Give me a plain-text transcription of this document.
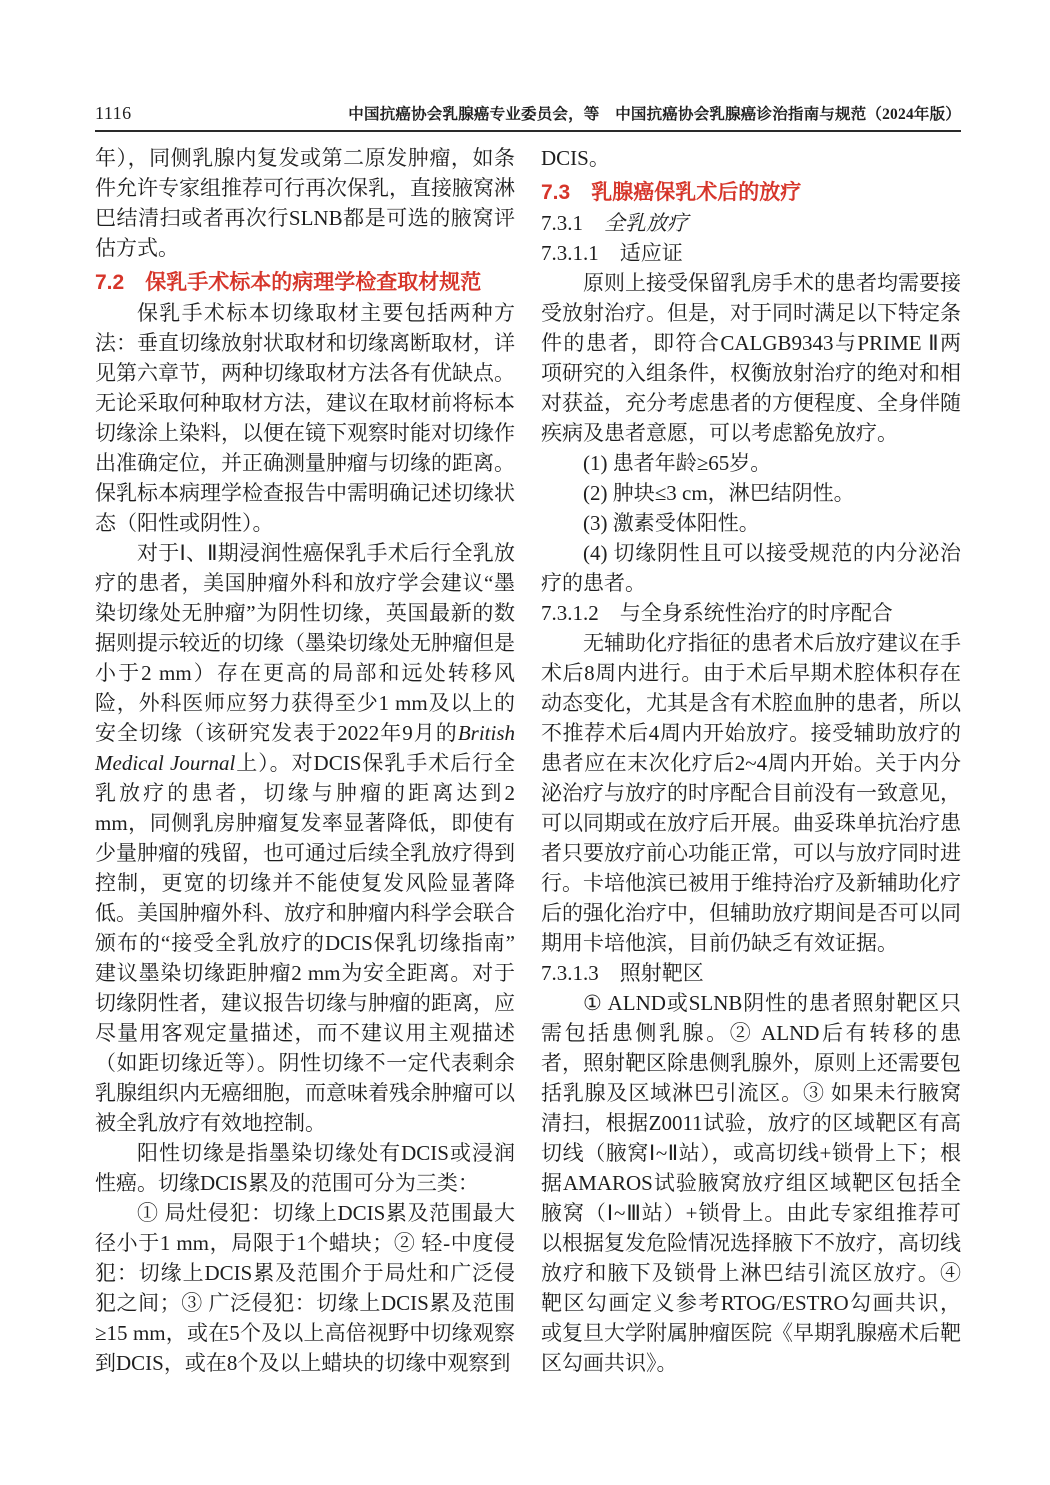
1116	中国抗癌协会乳腺癌专业委员会，等　中国抗癌协会乳腺癌诊治指南与规范（2024年版）

年），同侧乳腺内复发或第二原发肿瘤，如条件允许专家组推荐可行再次保乳，直接腋窝淋巴结清扫或者再次行SLNB都是可选的腋窝评估方式。

7.2　保乳手术标本的病理学检查取材规范

保乳手术标本切缘取材主要包括两种方法：垂直切缘放射状取材和切缘离断取材，详见第六章节，两种切缘取材方法各有优缺点。无论采取何种取材方法，建议在取材前将标本切缘涂上染料，以便在镜下观察时能对切缘作出准确定位，并正确测量肿瘤与切缘的距离。保乳标本病理学检查报告中需明确记述切缘状态（阳性或阴性）。

对于Ⅰ、Ⅱ期浸润性癌保乳手术后行全乳放疗的患者，美国肿瘤外科和放疗学会建议“墨染切缘处无肿瘤”为阴性切缘，英国最新的数据则提示较近的切缘（墨染切缘处无肿瘤但是小于2 mm）存在更高的局部和远处转移风险，外科医师应努力获得至少1 mm及以上的安全切缘（该研究发表于2022年9月的British Medical Journal上）。对DCIS保乳手术后行全乳放疗的患者，切缘与肿瘤的距离达到2 mm，同侧乳房肿瘤复发率显著降低，即使有少量肿瘤的残留，也可通过后续全乳放疗得到控制，更宽的切缘并不能使复发风险显著降低。美国肿瘤外科、放疗和肿瘤内科学会联合颁布的“接受全乳放疗的DCIS保乳切缘指南”建议墨染切缘距肿瘤2 mm为安全距离。对于切缘阴性者，建议报告切缘与肿瘤的距离，应尽量用客观定量描述，而不建议用主观描述（如距切缘近等）。阴性切缘不一定代表剩余乳腺组织内无癌细胞，而意味着残余肿瘤可以被全乳放疗有效地控制。

阳性切缘是指墨染切缘处有DCIS或浸润性癌。切缘DCIS累及的范围可分为三类：

① 局灶侵犯：切缘上DCIS累及范围最大径小于1 mm，局限于1个蜡块；② 轻-中度侵犯：切缘上DCIS累及范围介于局灶和广泛侵犯之间；③ 广泛侵犯：切缘上DCIS累及范围≥15 mm，或在5个及以上高倍视野中切缘观察到DCIS，或在8个及以上蜡块的切缘中观察到

DCIS。

7.3　乳腺癌保乳术后的放疗
7.3.1　 全乳放疗
7.3.1.1　适应证

原则上接受保留乳房手术的患者均需要接受放射治疗。但是，对于同时满足以下特定条件的患者，即符合CALGB9343与PRIME Ⅱ两项研究的入组条件，权衡放射治疗的绝对和相对获益，充分考虑患者的方便程度、全身伴随疾病及患者意愿，可以考虑豁免放疗。

(1) 患者年龄≥65岁。

(2) 肿块≤3 cm，淋巴结阴性。

(3) 激素受体阳性。

(4) 切缘阴性且可以接受规范的内分泌治疗的患者。

7.3.1.2　与全身系统性治疗的时序配合

无辅助化疗指征的患者术后放疗建议在手术后8周内进行。由于术后早期术腔体积存在动态变化，尤其是含有术腔血肿的患者，所以不推荐术后4周内开始放疗。接受辅助放疗的患者应在末次化疗后2~4周内开始。关于内分泌治疗与放疗的时序配合目前没有一致意见，可以同期或在放疗后开展。曲妥珠单抗治疗患者只要放疗前心功能正常，可以与放疗同时进行。卡培他滨已被用于维持治疗及新辅助化疗后的强化治疗中，但辅助放疗期间是否可以同期用卡培他滨，目前仍缺乏有效证据。

7.3.1.3　照射靶区

① ALND或SLNB阴性的患者照射靶区只需包括患侧乳腺。② ALND后有转移的患者，照射靶区除患侧乳腺外，原则上还需要包括乳腺及区域淋巴引流区。③ 如果未行腋窝清扫，根据Z0011试验，放疗的区域靶区有高切线（腋窝Ⅰ~Ⅱ站），或高切线+锁骨上下；根据AMAROS试验腋窝放疗组区域靶区包括全腋窝（Ⅰ~Ⅲ站）+锁骨上。由此专家组推荐可以根据复发危险情况选择腋下不放疗，高切线放疗和腋下及锁骨上淋巴结引流区放疗。④ 靶区勾画定义参考RTOG/ESTRO勾画共识，或复旦大学附属肿瘤医院《早期乳腺癌术后靶区勾画共识》。
